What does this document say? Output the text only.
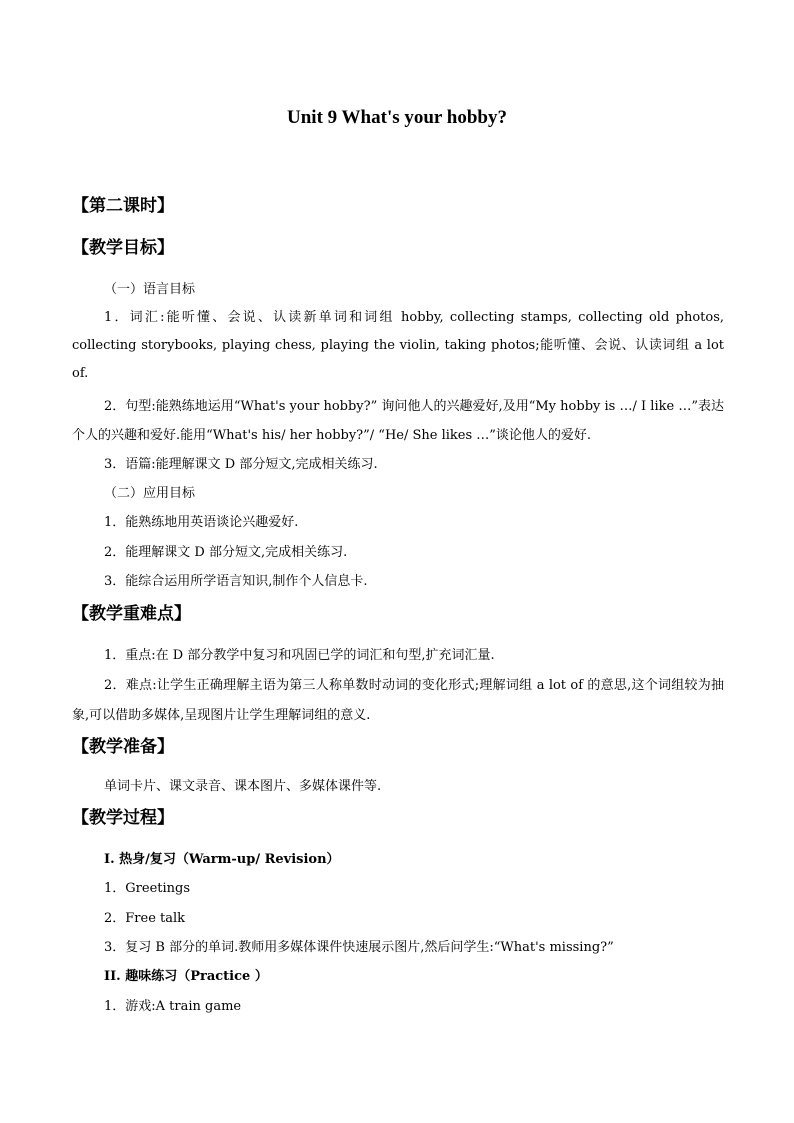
Unit 9 What's your hobby?
【第二课时】
【教学目标】
（一）语言目标
1．词汇:能听懂、会说、认读新单词和词组 hobby, collecting stamps, collecting old photos, collecting storybooks, playing chess, playing the violin, taking photos;能听懂、会说、认读词组 a lot of.
2．句型:能熟练地运用“What's your hobby?” 询问他人的兴趣爱好,及用“My hobby is …/ I like …”表达个人的兴趣和爱好.能用“What's his/ her hobby?”/ “He/ She likes …”谈论他人的爱好.
3．语篇:能理解课文 D 部分短文,完成相关练习.
（二）应用目标
1．能熟练地用英语谈论兴趣爱好.
2．能理解课文 D 部分短文,完成相关练习.
3．能综合运用所学语言知识,制作个人信息卡.
【教学重难点】
1．重点:在 D 部分教学中复习和巩固已学的词汇和句型,扩充词汇量.
2．难点:让学生正确理解主语为第三人称单数时动词的变化形式;理解词组 a lot of 的意思,这个词组较为抽象,可以借助多媒体,呈现图片让学生理解词组的意义.
【教学准备】
单词卡片、课文录音、课本图片、多媒体课件等.
【教学过程】
I. 热身/复习（Warm-up/ Revision）
1．Greetings
2．Free talk
3．复习 B 部分的单词.教师用多媒体课件快速展示图片,然后问学生:“What's missing?”
II. 趣味练习（Practice ）
1．游戏:A train game
